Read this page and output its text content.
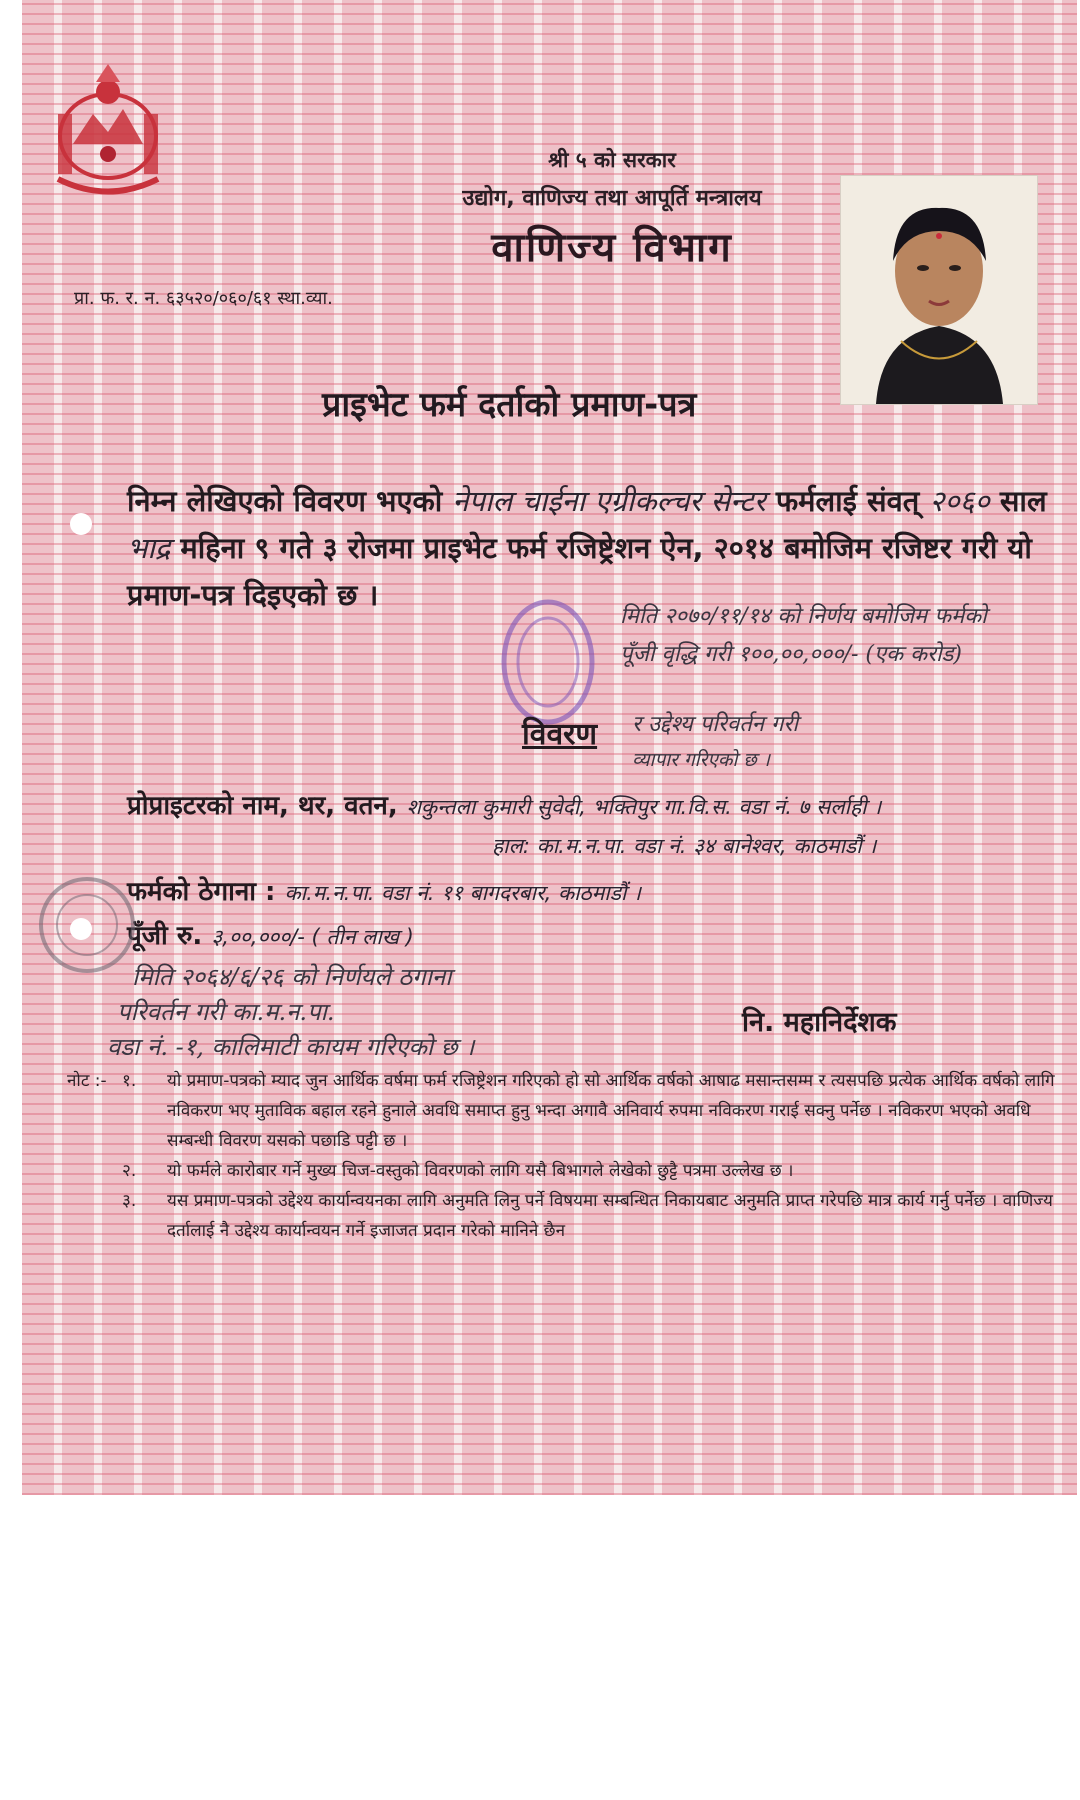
श्री ५ को सरकार
उद्योग, वाणिज्य तथा आपूर्ति मन्त्रालय
वाणिज्य विभाग
प्रा. फ. र. न. ६३५२०/०६०/६१ स्था.व्या.
प्राइभेट फर्म दर्ताको प्रमाण-पत्र
निम्न लेखिएको विवरण भएको नेपाल चाईना एग्रीकल्चर सेन्टर फर्मलाई संवत् २०६० साल भाद्र महिना ९ गते ३ रोजमा प्राइभेट फर्म रजिष्ट्रेशन ऐन, २०१४ बमोजिम रजिष्टर गरी यो प्रमाण-पत्र दिइएको छ ।
मिति २०७०/११/१४ को निर्णय बमोजिम फर्मको
पूँजी वृद्धि गरी १००,००,०००/- (एक करोड)
र उद्देश्य परिवर्तन गरी
व्यापार गरिएको छ ।
विवरण
प्रोप्राइटरको नाम, थर, वतन, शकुन्तला कुमारी सुवेदी, भक्तिपुर गा.वि.स. वडा नं. ७ सर्लाही ।
हाल: का.म.न.पा. वडा नं. ३४ बानेश्वर, काठमाडौं ।
फर्मको ठेगाना : का.म.न.पा. वडा नं. ११ बागदरबार, काठमाडौं ।
पूँजी रु. ३,००,०००/- ( तीन लाख )
मिति २०६४/६/२६ को निर्णयले ठगाना
परिवर्तन गरी का.म.न.पा.
वडा नं. -१, कालिमाटी कायम गरिएको छ ।
नि. महानिर्देशक
नोट :- १.	यो प्रमाण-पत्रको म्याद जुन आर्थिक वर्षमा फर्म रजिष्ट्रेशन गरिएको हो सो आर्थिक वर्षको आषाढ मसान्तसम्म र त्यसपछि प्रत्येक आर्थिक वर्षको लागि नविकरण भए मुताविक बहाल रहने हुनाले अवधि समाप्त हुनु भन्दा अगावै अनिवार्य रुपमा नविकरण गराई सक्नु पर्नेछ । नविकरण भएको अवधि सम्बन्धी विवरण यसको पछाडि पट्टी छ ।
२.	यो फर्मले कारोबार गर्ने मुख्य चिज-वस्तुको विवरणको लागि यसै बिभागले लेखेको छुट्टै पत्रमा उल्लेख छ ।
३.	यस प्रमाण-पत्रको उद्देश्य कार्यान्वयनका लागि अनुमति लिनु पर्ने विषयमा सम्बन्धित निकायबाट अनुमति प्राप्त गरेपछि मात्र कार्य गर्नु पर्नेछ । वाणिज्य दर्तालाई नै उद्देश्य कार्यान्वयन गर्ने इजाजत प्रदान गरेको मानिने छैन
